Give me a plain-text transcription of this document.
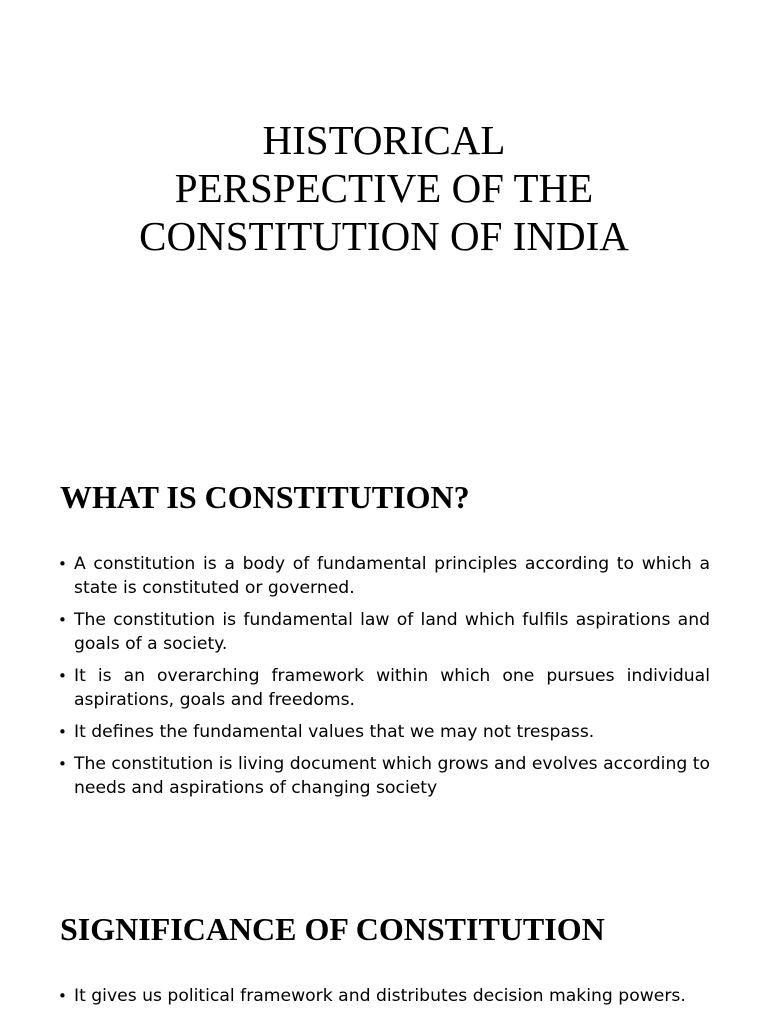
HISTORICAL
PERSPECTIVE OF THE
CONSTITUTION OF INDIA
WHAT IS CONSTITUTION?
• A constitution is a body of fundamental principles according to which a state is constituted or governed.
• The constitution is fundamental law of land which fulfils aspirations and goals of a society.
• It is an overarching framework within which one pursues individual aspirations, goals and freedoms.
• It defines the fundamental values that we may not trespass.
• The constitution is living document which grows and evolves according to needs and aspirations of changing society
SIGNIFICANCE OF CONSTITUTION
• It gives us political framework and distributes decision making powers.
